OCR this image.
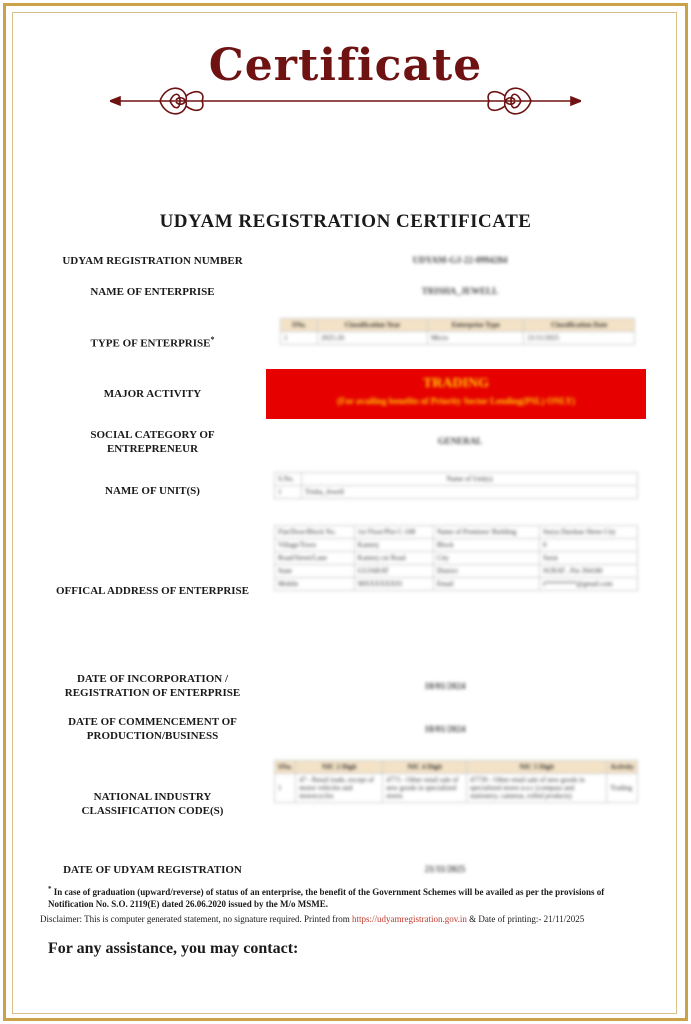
Certificate
UDYAM REGISTRATION CERTIFICATE
UDYAM REGISTRATION NUMBER	UDYAM-GJ-22-0994284
NAME OF ENTERPRISE	TRISHA_JEWELL
TYPE OF ENTERPRISE*
SNo.	Classification Year	Enterprise Type	Classification Date
1	2025-26	Micro	21/11/2025
MAJOR ACTIVITY
TRADING
(For availing benefits of Priority Sector Lending(PSL) ONLY)
SOCIAL CATEGORY OF
ENTREPRENEUR
GENERAL
NAME OF UNIT(S)
S.No.	Name of Unit(s)
1	Trisha_Jewell
OFFICAL ADDRESS OF ENTERPRISE
Flat/Door/Block No.	1st Floor/Plot C-108	Name of Premises/ Building	Surya Darshan Shree City
Village/Town	Kamrej	Block	0
Road/Street/Lane	Kamrej cut Road	City	Surat
State	GUJARAT	District	SURAT , Pin 394180
Mobile	98XXXXXX93	Email	t*********@gmail.com
DATE OF INCORPORATION /
REGISTRATION OF ENTERPRISE
18/01/2024
DATE OF COMMENCEMENT OF
PRODUCTION/BUSINESS
18/01/2024
NATIONAL INDUSTRY
CLASSIFICATION CODE(S)
SNo.	NIC 2 Digit	NIC 4 Digit	NIC 5 Digit	Activity
1	47 - Retail trade, except of motor vehicles and motorcycles	4773 - Other retail sale of new goods in specialized stores	47739 - Other retail sale of new goods in specialized stores n.e.c (compass and stationery, cameras, rolled products)	Trading
DATE OF UDYAM REGISTRATION	21/11/2025
* In case of graduation (upward/reverse) of status of an enterprise, the benefit of the Government Schemes will be availed as per the provisions of Notification No. S.O. 2119(E) dated 26.06.2020 issued by the M/o MSME.
Disclaimer: This is computer generated statement, no signature required. Printed from https://udyamregistration.gov.in & Date of printing:- 21/11/2025
For any assistance, you may contact:
